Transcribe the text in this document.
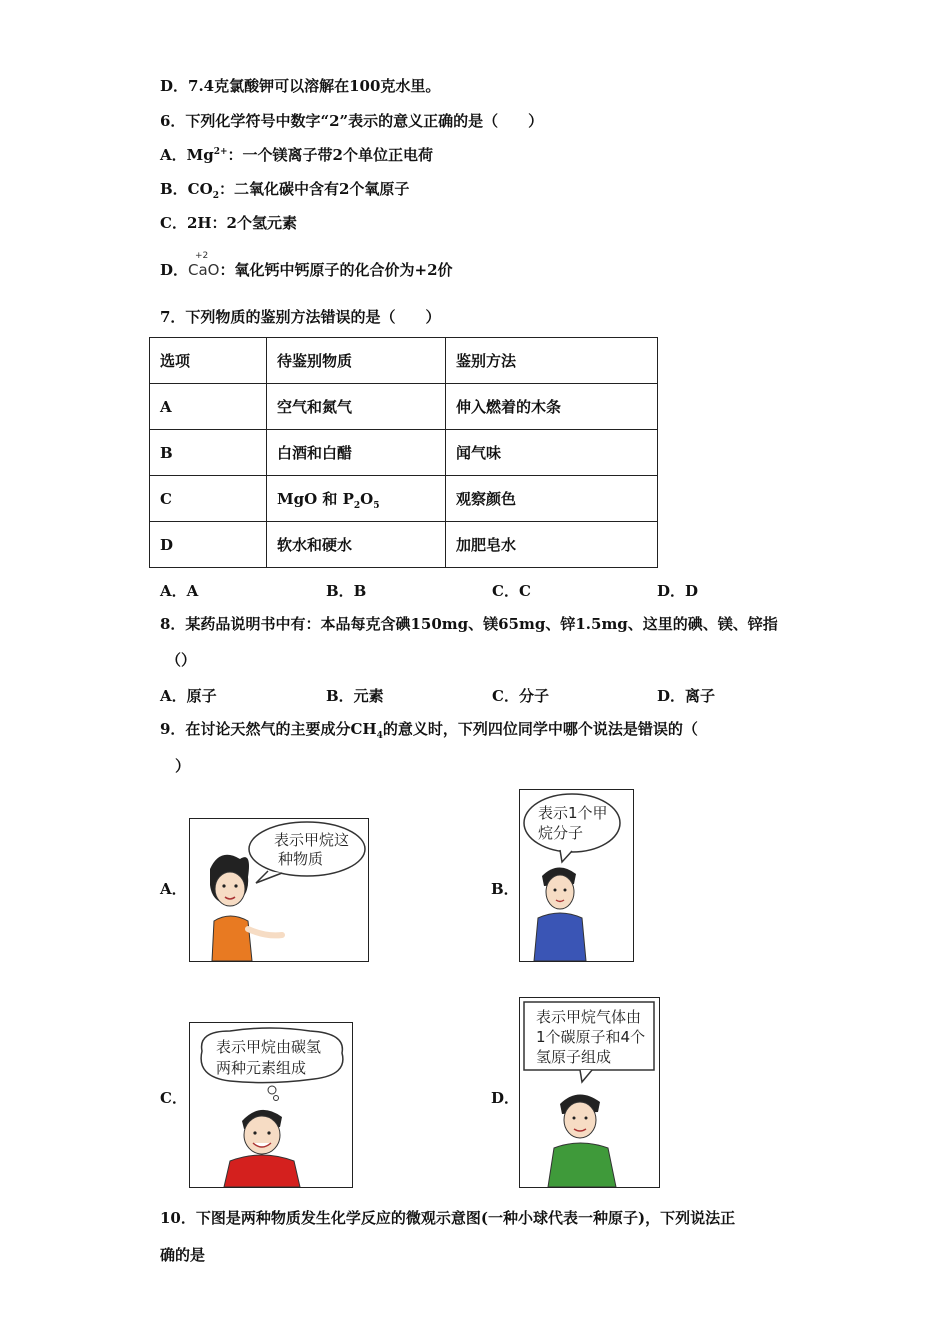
D．7.4克氯酸钾可以溶解在100克水里。
6．下列化学符号中数字“2”表示的意义正确的是（　　）
A．$Mg^{2+}$：一个镁离子带2个单位正电荷
B．$CO_2$：二氧化碳中含有2个氧原子
C．2H：2个氢元素
D．
+2
CaO：氧化钙中钙原子的化合价为+2价
7．下列物质的鉴别方法错误的是（　　）
选项	待鉴别物质	鉴别方法
A	空气和氮气	伸入燃着的木条
B	白酒和白醋	闻气味
C	MgO 和 $P_2O_5$	观察颜色
D	软水和硬水	加肥皂水
A．A	B．B	C．C	D．D
8．某药品说明书中有：本品每克含碘150mg、镁65mg、锌1.5mg、这里的碘、镁、锌指
（）
A．原子	B．元素	C．分子	D．离子
9．在讨论天然气的主要成分$CH_4$的意义时，下列四位同学中哪个说法是错误的（
）
A．	B．
C．	D．
表示甲烷这
种物质
表示1个甲
烷分子
表示甲烷由碳氢
两种元素组成
表示甲烷气体由
1个碳原子和4个
氢原子组成
10．下图是两种物质发生化学反应的微观示意图(一种小球代表一种原子)，下列说法正
确的是
